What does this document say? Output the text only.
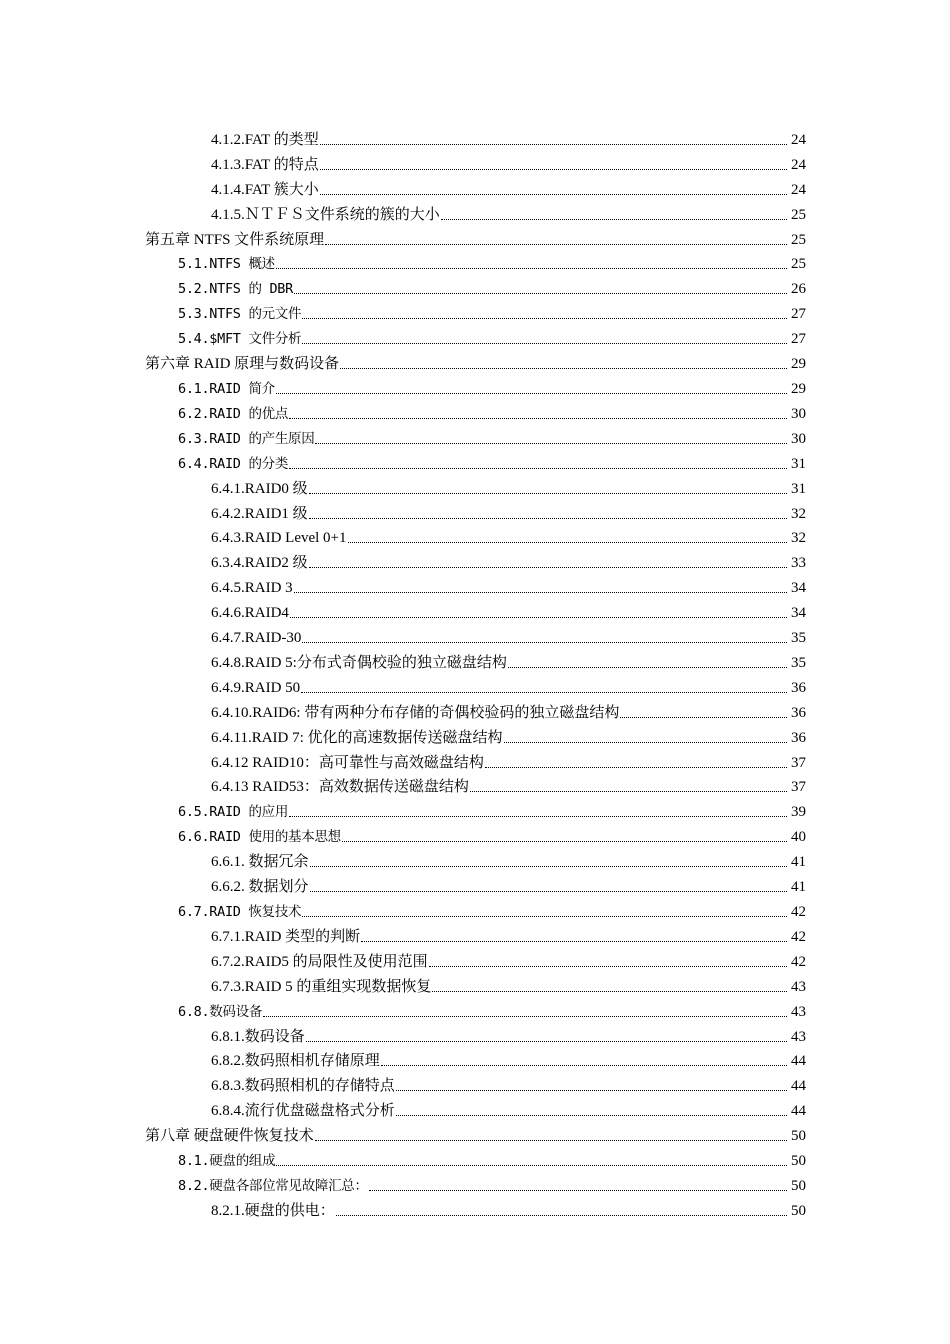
4.1.2.FAT 的类型	24
4.1.3.FAT 的特点	24
4.1.4.FAT 簇大小	24
4.1.5.ＮＴＦＳ文件系统的簇的大小	25
第五章 NTFS 文件系统原理	25
5.1.NTFS 概述	25
5.2.NTFS 的 DBR	26
5.3.NTFS 的元文件	27
5.4.$MFT 文件分析	27
第六章 RAID 原理与数码设备	29
6.1.RAID 简介	29
6.2.RAID 的优点	30
6.3.RAID 的产生原因	30
6.4.RAID 的分类	31
6.4.1.RAID0 级	31
6.4.2.RAID1 级	32
6.4.3.RAID Level 0+1	32
6.3.4.RAID2 级	33
6.4.5.RAID 3	34
6.4.6.RAID4	34
6.4.7.RAID-30	35
6.4.8.RAID 5:分布式奇偶校验的独立磁盘结构	35
6.4.9.RAID 50	36
6.4.10.RAID6: 带有两种分布存储的奇偶校验码的独立磁盘结构	36
6.4.11.RAID 7: 优化的高速数据传送磁盘结构	36
6.4.12 RAID10：高可靠性与高效磁盘结构	37
6.4.13 RAID53：高效数据传送磁盘结构	37
6.5.RAID 的应用	39
6.6.RAID 使用的基本思想	40
6.6.1. 数据冗余	41
6.6.2. 数据划分	41
6.7.RAID 恢复技术	42
6.7.1.RAID 类型的判断	42
6.7.2.RAID5 的局限性及使用范围	42
6.7.3.RAID 5 的重组实现数据恢复	43
6.8.数码设备	43
6.8.1.数码设备	43
6.8.2.数码照相机存储原理	44
6.8.3.数码照相机的存储特点	44
6.8.4.流行优盘磁盘格式分析	44
第八章 硬盘硬件恢复技术	50
8.1.硬盘的组成	50
8.2.硬盘各部位常见故障汇总：	50
8.2.1.硬盘的供电：	50
